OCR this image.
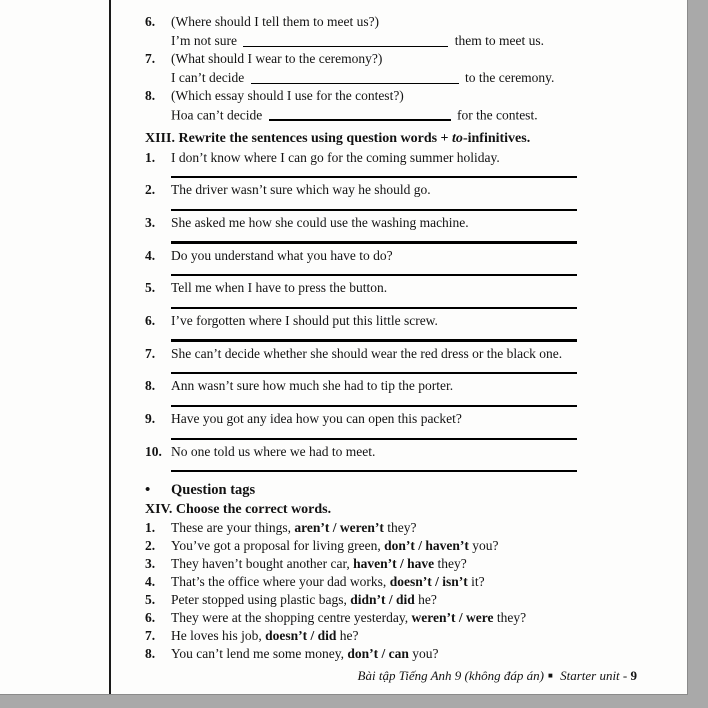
6.	(Where should I tell them to meet us?)
I’m not sure	them to meet us.
7.	(What should I wear to the ceremony?)
I can’t decide	to the ceremony.
8.	(Which essay should I use for the contest?)
Hoa can’t decide	for the contest.
XIII. Rewrite the sentences using question words + to-infinitives.
1.	I don’t know where I can go for the coming summer holiday.
2.	The driver wasn’t sure which way he should go.
3.	She asked me how she could use the washing machine.
4.	Do you understand what you have to do?
5.	Tell me when I have to press the button.
6.	I’ve forgotten where I should put this little screw.
7.	She can’t decide whether she should wear the red dress or the black one.
8.	Ann wasn’t sure how much she had to tip the porter.
9.	Have you got any idea how you can open this packet?
10. No one told us where we had to meet.
•	Question tags
XIV. Choose the correct words.
1.	These are your things, aren’t / weren’t they?
2.	You’ve got a proposal for living green, don’t / haven’t you?
3.	They haven’t bought another car, haven’t / have they?
4.	That’s the office where your dad works, doesn’t / isn’t it?
5.	Peter stopped using plastic bags, didn’t / did he?
6.	They were at the shopping centre yesterday, weren’t / were they?
7.	He loves his job, doesn’t / did he?
8.	You can’t lend me some money, don’t / can you?
Bài tập Tiếng Anh 9 (không đáp án) ■ Starter unit - 9
